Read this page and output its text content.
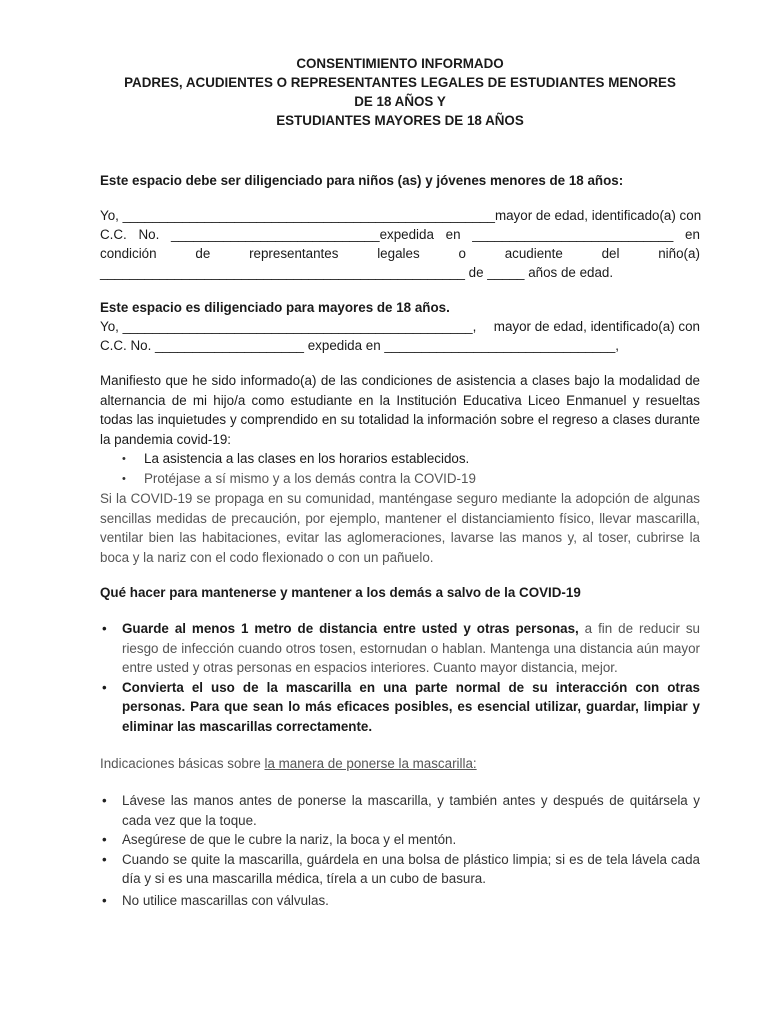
CONSENTIMIENTO INFORMADO
PADRES, ACUDIENTES O REPRESENTANTES LEGALES DE ESTUDIANTES MENORES
DE 18 AÑOS Y
ESTUDIANTES MAYORES DE 18 AÑOS
Este espacio debe ser diligenciado para niños (as) y jóvenes menores de 18 años:
Yo, __________________________________________________ mayor de edad, identificado(a) con
C.C. No. ____________________________expedida en ___________________________ en
condición	de	representantes	legales	o	acudiente	del	niño(a)
_________________________________________________ de _____ años de edad.
Este espacio es diligenciado para mayores de 18 años.
Yo, _______________________________________________, mayor de edad, identificado(a) con
C.C. No. ____________________ expedida en _______________________________,
Manifiesto que he sido informado(a) de las condiciones de asistencia a clases bajo la modalidad de alternancia de mi hijo/a como estudiante en la Institución Educativa Liceo Enmanuel y resueltas todas las inquietudes y comprendido en su totalidad la información sobre el regreso a clases durante la pandemia covid-19:
• La asistencia a las clases en los horarios establecidos.
• Protéjase a sí mismo y a los demás contra la COVID-19
Si la COVID-19 se propaga en su comunidad, manténgase seguro mediante la adopción de algunas sencillas medidas de precaución, por ejemplo, mantener el distanciamiento físico, llevar mascarilla, ventilar bien las habitaciones, evitar las aglomeraciones, lavarse las manos y, al toser, cubrirse la boca y la nariz con el codo flexionado o con un pañuelo.
Qué hacer para mantenerse y mantener a los demás a salvo de la COVID-19
• Guarde al menos 1 metro de distancia entre usted y otras personas, a fin de reducir su riesgo de infección cuando otros tosen, estornudan o hablan. Mantenga una distancia aún mayor entre usted y otras personas en espacios interiores. Cuanto mayor distancia, mejor.
• Convierta el uso de la mascarilla en una parte normal de su interacción con otras personas. Para que sean lo más eficaces posibles, es esencial utilizar, guardar, limpiar y eliminar las mascarillas correctamente.
Indicaciones básicas sobre la manera de ponerse la mascarilla:
• Lávese las manos antes de ponerse la mascarilla, y también antes y después de quitársela y cada vez que la toque.
• Asegúrese de que le cubre la nariz, la boca y el mentón.
• Cuando se quite la mascarilla, guárdela en una bolsa de plástico limpia; si es de tela lávela cada día y si es una mascarilla médica, tírela a un cubo de basura.
• No utilice mascarillas con válvulas.
